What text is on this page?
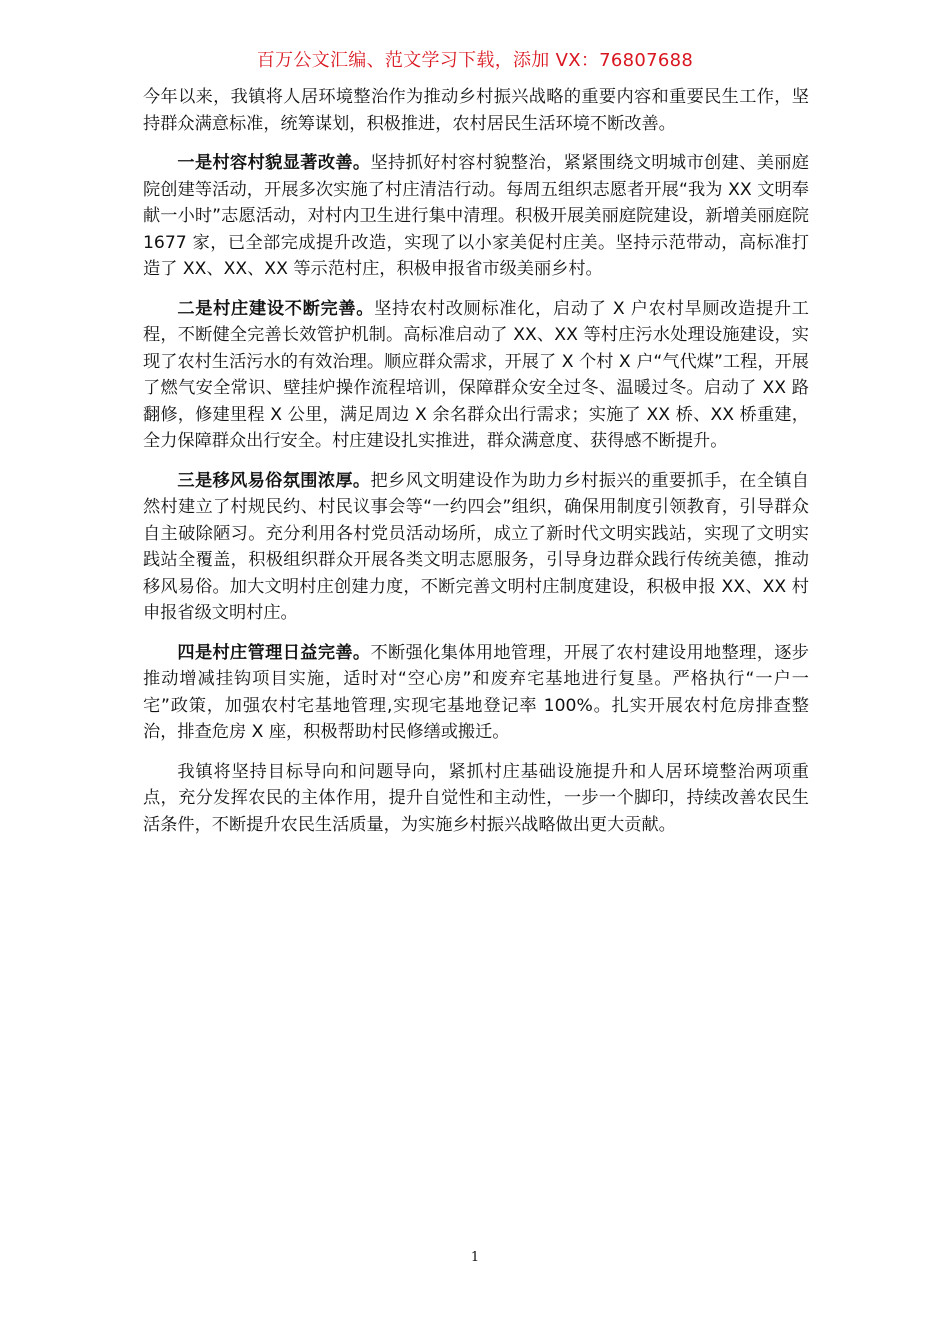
百万公文汇编、范文学习下载，添加 VX：76807688

今年以来，我镇将人居环境整治作为推动乡村振兴战略的重要内容和重要民生工作，坚持群众满意标准，统筹谋划，积极推进，农村居民生活环境不断改善。

一是村容村貌显著改善。坚持抓好村容村貌整治，紧紧围绕文明城市创建、美丽庭院创建等活动，开展多次实施了村庄清洁行动。每周五组织志愿者开展“我为 XX 文明奉献一小时”志愿活动，对村内卫生进行集中清理。积极开展美丽庭院建设，新增美丽庭院 1677 家，已全部完成提升改造，实现了以小家美促村庄美。坚持示范带动，高标准打造了 XX、XX、XX 等示范村庄，积极申报省市级美丽乡村。

二是村庄建设不断完善。坚持农村改厕标准化，启动了 X 户农村旱厕改造提升工程，不断健全完善长效管护机制。高标准启动了 XX、XX 等村庄污水处理设施建设，实现了农村生活污水的有效治理。顺应群众需求，开展了 X 个村 X 户“气代煤”工程，开展了燃气安全常识、壁挂炉操作流程培训，保障群众安全过冬、温暖过冬。启动了 XX 路翻修，修建里程 X 公里，满足周边 X 余名群众出行需求；实施了 XX 桥、XX 桥重建，全力保障群众出行安全。村庄建设扎实推进，群众满意度、获得感不断提升。

三是移风易俗氛围浓厚。把乡风文明建设作为助力乡村振兴的重要抓手，在全镇自然村建立了村规民约、村民议事会等“一约四会”组织，确保用制度引领教育，引导群众自主破除陋习。充分利用各村党员活动场所，成立了新时代文明实践站，实现了文明实践站全覆盖，积极组织群众开展各类文明志愿服务，引导身边群众践行传统美德，推动移风易俗。加大文明村庄创建力度，不断完善文明村庄制度建设，积极申报 XX、XX 村申报省级文明村庄。

四是村庄管理日益完善。不断强化集体用地管理，开展了农村建设用地整理，逐步推动增减挂钩项目实施，适时对“空心房”和废弃宅基地进行复垦。严格执行“一户一宅”政策，加强农村宅基地管理,实现宅基地登记率 100%。扎实开展农村危房排查整治，排查危房 X 座，积极帮助村民修缮或搬迁。

我镇将坚持目标导向和问题导向，紧抓村庄基础设施提升和人居环境整治两项重点，充分发挥农民的主体作用，提升自觉性和主动性，一步一个脚印，持续改善农民生活条件，不断提升农民生活质量，为实施乡村振兴战略做出更大贡献。

1
